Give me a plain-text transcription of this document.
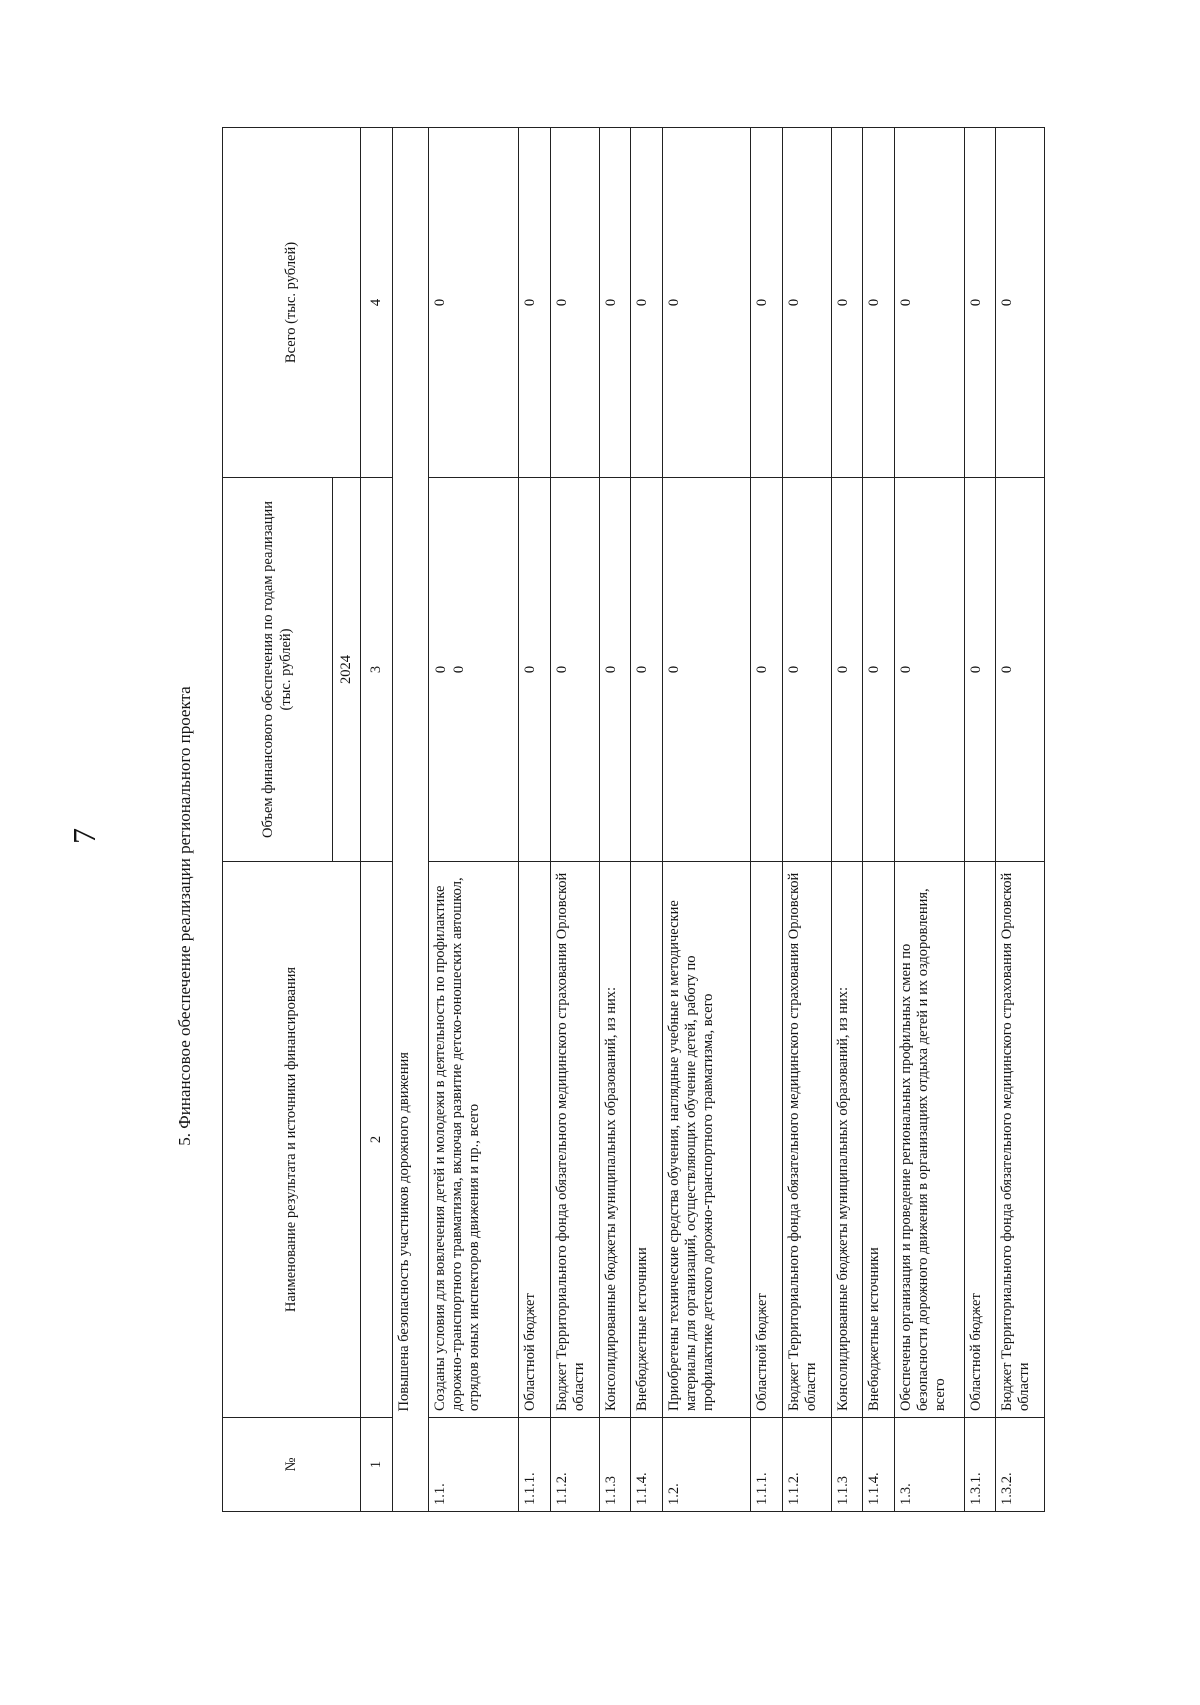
7	5. Финансовое обеспечение реализации регионального проекта
№	Наименование результата и источники финансирования	Объем финансового обеспечения по годам реализации (тыс. рублей)	Всего (тыс. рублей)
		2024	
1	2	3	4
	Повышена безопасность участников дорожного движения		
1.1.	Созданы условия для вовлечения детей и молодежи в деятельность по профилактике дорожно-транспортного травматизма, включая развитие детско-юношеских автошкол, отрядов юных инспекторов движения и пр., всего	0 0	0
1.1.1.	Областной бюджет	0	0
1.1.2.	Бюджет Территориального фонда обязательного медицинского страхования Орловской области	0	0
1.1.3	Консолидированные бюджеты муниципальных образований, из них:	0	0
1.1.4.	Внебюджетные источники	0	0
1.2.	Приобретены технические средства обучения, наглядные учебные и методические материалы для организаций, осуществляющих обучение детей, работу по профилактике детского дорожно-транспортного травматизма, всего	0	0
1.1.1.	Областной бюджет	0	0
1.1.2.	Бюджет Территориального фонда обязательного медицинского страхования Орловской области	0	0
1.1.3	Консолидированные бюджеты муниципальных образований, из них:	0	0
1.1.4.	Внебюджетные источники	0	0
1.3.	Обеспечены организация и проведение региональных профильных смен по безопасности дорожного движения в организациях отдыха детей и их оздоровления, всего	0	0
1.3.1.	Областной бюджет	0	0
1.3.2.	Бюджет Территориального фонда обязательного медицинского страхования Орловской области	0	0
